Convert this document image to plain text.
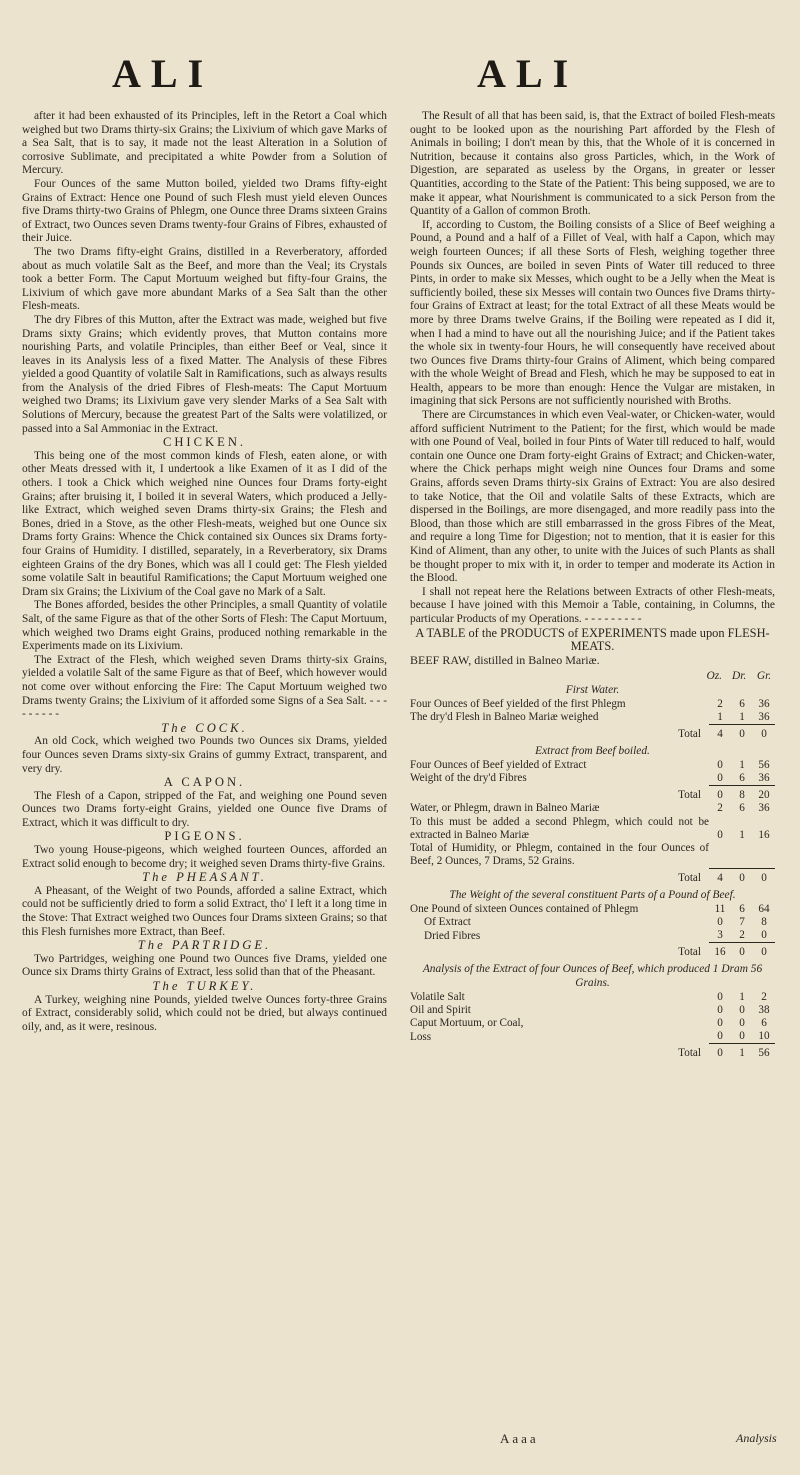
ALI	ALI

after it had been exhausted of its Principles, left in the Retort a Coal which weighed but two Drams thirty-six Grains; the Lixivium of which gave Marks of a Sea Salt, that is to say, it made not the least Alteration in a Solution of corrosive Sublimate, and precipitated a white Powder from a Solution of Mercury.

Four Ounces of the same Mutton boiled, yielded two Drams fifty-eight Grains of Extract: Hence one Pound of such Flesh must yield eleven Ounces five Drams thirty-two Grains of Phlegm, one Ounce three Drams sixteen Grains of Extract, two Ounces seven Drams twenty-four Grains of Fibres, exhausted of their Juice.

The two Drams fifty-eight Grains, distilled in a Reverberatory, afforded about as much volatile Salt as the Beef, and more than the Veal; its Crystals took a better Form. The Caput Mortuum weighed but fifty-four Grains, the Lixivium of which gave more abundant Marks of a Sea Salt than the other Flesh-meats.

The dry Fibres of this Mutton, after the Extract was made, weighed but five Drams sixty Grains; which evidently proves, that Mutton contains more nourishing Parts, and volatile Principles, than either Beef or Veal, since it leaves in its Analysis less of a fixed Matter. The Analysis of these Fibres yielded a good Quantity of volatile Salt in Ramifications, such as always results from the Analysis of the dried Fibres of Flesh-meats: The Caput Mortuum weighed two Drams; its Lixivium gave very slender Marks of a Sea Salt with Solutions of Mercury, because the greatest Part of the Salts were volatilized, or passed into a Sal Ammoniac in the Extract.

CHICKEN.

This being one of the most common kinds of Flesh, eaten alone, or with other Meats dressed with it, I undertook a like Examen of it as I did of the others. I took a Chick which weighed nine Ounces four Drams forty-eight Grains; after bruising it, I boiled it in several Waters, which produced a Jelly-like Extract, which weighed seven Drams thirty-six Grains; the Flesh and Bones, dried in a Stove, as the other Flesh-meats, weighed but one Ounce six Drams forty Grains: Whence the Chick contained six Ounces six Drams forty-four Grains of Humidity. I distilled, separately, in a Reverberatory, six Drams eighteen Grains of the dry Bones, which was all I could get: The Flesh yielded some volatile Salt in beautiful Ramifications; the Caput Mortuum weighed one Dram six Grains; the Lixivium of the Coal gave no Mark of a Salt.

The Bones afforded, besides the other Principles, a small Quantity of volatile Salt, of the same Figure as that of the other Sorts of Flesh: The Caput Mortuum, which weighed two Drams eight Grains, produced nothing remarkable in the Experiments made on its Lixivium.

The Extract of the Flesh, which weighed seven Drams thirty-six Grains, yielded a volatile Salt of the same Figure as that of Beef, which however would not come over without enforcing the Fire: The Caput Mortuum weighed two Drams twenty Grains; the Lixivium of it afforded some Signs of a Sea Salt. - - - - - - - - -

The COCK.

An old Cock, which weighed two Pounds two Ounces six Drams, yielded four Ounces seven Drams sixty-six Grains of gummy Extract, transparent, and very dry.

A CAPON.

The Flesh of a Capon, stripped of the Fat, and weighing one Pound seven Ounces two Drams forty-eight Grains, yielded one Ounce five Drams of Extract, which it was difficult to dry.

PIGEONS.

Two young House-pigeons, which weighed fourteen Ounces, afforded an Extract solid enough to become dry; it weighed seven Drams thirty-five Grains.

The PHEASANT.

A Pheasant, of the Weight of two Pounds, afforded a saline Extract, which could not be sufficiently dried to form a solid Extract, tho' I left it a long time in the Stove: That Extract weighed two Ounces four Drams sixteen Grains; so that this Flesh furnishes more Extract, than Beef.

The PARTRIDGE.

Two Partridges, weighing one Pound two Ounces five Drams, yielded one Ounce six Drams thirty Grains of Extract, less solid than that of the Pheasant.

The TURKEY.

A Turkey, weighing nine Pounds, yielded twelve Ounces forty-three Grains of Extract, considerably solid, which could not be dried, but always continued oily, and, as it were, resinous.

The Result of all that has been said, is, that the Extract of boiled Flesh-meats ought to be looked upon as the nourishing Part afforded by the Flesh of Animals in boiling; I don't mean by this, that the Whole of it is concerned in Nutrition, because it contains also gross Particles, which, in the Work of Digestion, are separated as useless by the Organs, in greater or lesser Quantities, according to the State of the Patient: This being supposed, we are to make it appear, what Nourishment is communicated to a sick Person from the Quantity of a Gallon of common Broth.

If, according to Custom, the Boiling consists of a Slice of Beef weighing a Pound, a Pound and a half of a Fillet of Veal, with half a Capon, which may weigh fourteen Ounces; if all these Sorts of Flesh, weighing together three Pounds six Ounces, are boiled in seven Pints of Water till reduced to three Pints, in order to make six Messes, which ought to be a Jelly when the Meat is sufficiently boiled, these six Messes will contain two Ounces five Drams thirty-four Grains of Extract at least; for the total Extract of all these Meats would be more by three Drams twelve Grains, if the Boiling were repeated as I did it, when I had a mind to have out all the nourishing Juice; and if the Patient takes the whole six in twenty-four Hours, he will consequently have received about two Ounces five Drams thirty-four Grains of Aliment, which being compared with the whole Weight of Bread and Flesh, which he may be supposed to eat in Health, appears to be more than enough: Hence the Vulgar are mistaken, in imagining that sick Persons are not sufficiently nourished with Broths.

There are Circumstances in which even Veal-water, or Chicken-water, would afford sufficient Nutriment to the Patient; for the first, which would be made with one Pound of Veal, boiled in four Pints of Water till reduced to half, would contain one Ounce one Dram forty-eight Grains of Extract; and Chicken-water, where the Chick perhaps might weigh nine Ounces four Drams and some Grains, affords seven Drams thirty-six Grains of Extract: You are also desired to take Notice, that the Oil and volatile Salts of these Extracts, which are dispersed in the Boilings, are more disengaged, and more readily pass into the Blood, than those which are still embarrassed in the gross Fibres of the Meat, and require a long Time for Digestion; not to mention, that it is easier for this Kind of Aliment, than any other, to unite with the Juices of such Plants as shall be thought proper to mix with it, in order to temper and moderate its Action in the Blood.

I shall not repeat here the Relations between Extracts of other Flesh-meats, because I have joined with this Memoir a Table, containing, in Columns, the particular Products of my Operations. - - - - - - - - -

A TABLE of the PRODUCTS of EXPERIMENTS made upon FLESH-MEATS.

BEEF RAW, distilled in Balneo Mariæ.

Oz. Dr. Gr.
First Water.
Four Ounces of Beef yielded of the first Phlegm	2	6	36
The dry'd Flesh in Balneo Mariæ weighed	1	1	36
Total	4	0	0
Extract from Beef boiled.
Four Ounces of Beef yielded of Extract	0	1	56
Weight of the dry'd Fibres	0	6	36
Total	0	8	20
Water, or Phlegm, drawn in Balneo Mariæ	2	6	36
To this must be added a second Phlegm, which could not be extracted in Balneo Mariæ	0	1	16
Total of Humidity, or Phlegm, contained in the four Ounces of Beef, 2 Ounces, 7 Drams, 52 Grains.			
Total	4	0	0
The Weight of the several constituent Parts of a Pound of Beef.
One Pound of sixteen Ounces contained of Phlegm	11	6	64
Of Extract	0	7	8
Dried Fibres	3	2	0
Total	16	0	0
Analysis of the Extract of four Ounces of Beef, which produced 1 Dram 56 Grains.
Volatile Salt	0	1	2
Oil and Spirit	0	0	38
Caput Mortuum, or Coal,	0	0	6
Loss	0	0	10
Total	0	1	56
Aaaa	Analysis
